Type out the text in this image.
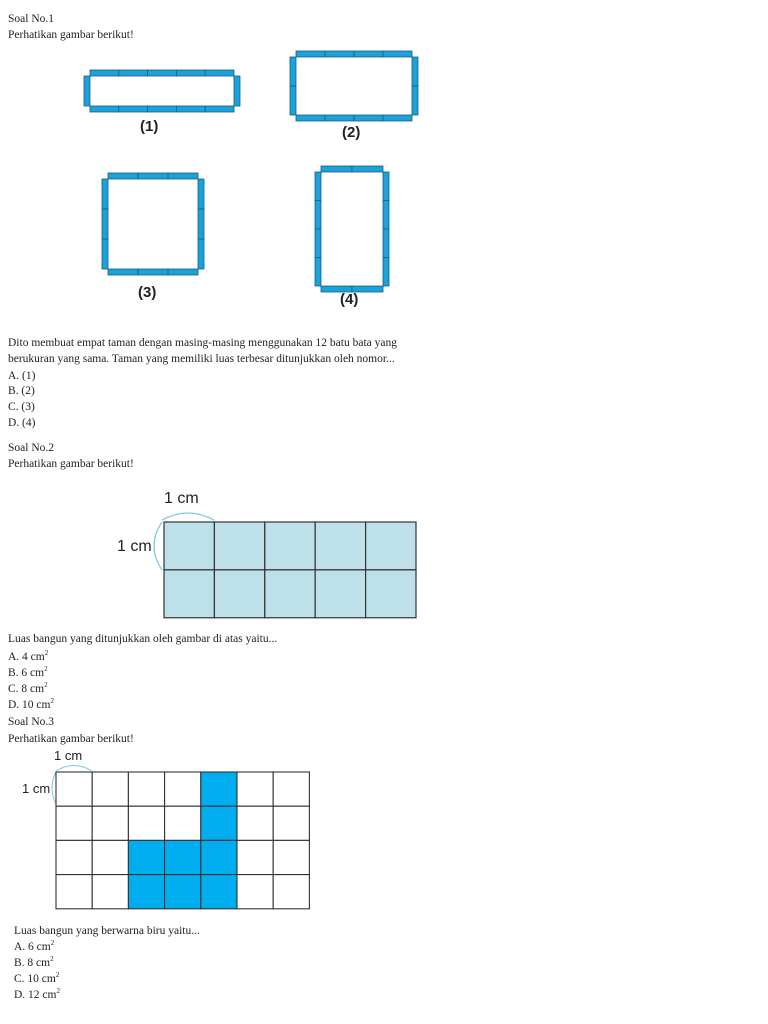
Soal No.1
Perhatikan gambar berikut!
(1)	(2)
(3)	(4)
Dito membuat empat taman dengan masing-masing menggunakan 12 batu bata yang
berukuran yang sama. Taman yang memiliki luas terbesar ditunjukkan oleh nomor...
A. (1)
B. (2)
C. (3)
D. (4)
Soal No.2
Perhatikan gambar berikut!
1 cm
1 cm
Luas bangun yang ditunjukkan oleh gambar di atas yaitu...
A. 4 $cm^2$
B. 6 $cm^2$
C. 8 $cm^2$
D. 10 $cm^2$
Soal No.3
Perhatikan gambar berikut!
1 cm
1 cm
Luas bangun yang berwarna biru yaitu...
A. 6 $cm^2$
B. 8 $cm^2$
C. 10 $cm^2$
D. 12 $cm^2$
